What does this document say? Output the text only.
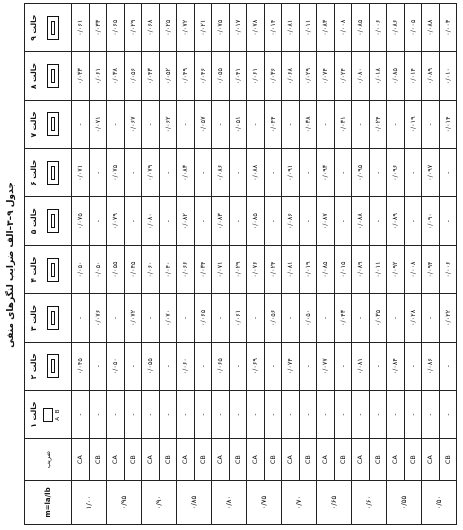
جدول ۹–۳–الف ضرایب لنگرهای منفی
m=la/lb	ضریب	حالت ۱ A B	حالت ۲	حالت ۳	حالت ۴	حالت ۵	حالت ۶	حالت ۷	حالت ۸	حالت ۹

۱/۰۰	CA	-	۰/۰۴۵	-	۰/۰۵۰	۰/۰۷۵	۰/۰۷۱	-	۰/۰۳۳	۰/۰۶۱
	CB	-	-	۰/۰۷۶	۰/۰۵۰	-	-	۰/۰۷۱	۰/۰۶۱	۰/۰۳۳
۰/۹۵	CA	-	۰/۰۵۰	-	۰/۰۵۵	۰/۰۷۹	۰/۰۷۵	-	۰/۰۳۸	۰/۰۶۵
	CB	-	-	۰/۰۷۲	۰/۰۴۵	-	-	۰/۰۶۷	۰/۰۵۶	۰/۰۲۹
۰/۹۰	CA	-	۰/۰۵۵	-	۰/۰۶۰	۰/۰۸۰	۰/۰۷۹	-	۰/۰۴۳	۰/۰۶۸
	CB	-	-	۰/۰۷۰	۰/۰۴۰	-	-	۰/۰۶۲	۰/۰۵۲	۰/۰۲۵
۰/۸۵	CA	-	۰/۰۶۰	-	۰/۰۶۶	۰/۰۸۲	۰/۰۸۳	-	۰/۰۴۹	۰/۰۷۲
	CB	-	-	۰/۰۶۵	۰/۰۳۴	-	-	۰/۰۵۷	۰/۰۴۶	۰/۰۲۱
۰/۸۰	CA	-	۰/۰۶۵	-	۰/۰۷۱	۰/۰۸۳	۰/۰۸۶	-	۰/۰۵۵	۰/۰۷۵
	CB	-	-	۰/۰۶۱	۰/۰۲۹	-	-	۰/۰۵۱	۰/۰۴۱	۰/۰۱۷
۰/۷۵	CA	-	۰/۰۶۹	-	۰/۰۷۶	۰/۰۸۵	۰/۰۸۸	-	۰/۰۶۱	۰/۰۷۸
	CB	-	-	۰/۰۵۶	۰/۰۲۴	-	-	۰/۰۴۴	۰/۰۳۶	۰/۰۱۴
۰/۷۰	CA	-	۰/۰۷۴	-	۰/۰۸۱	۰/۰۸۶	۰/۰۹۱	-	۰/۰۶۸	۰/۰۸۱
	CB	-	-	۰/۰۵۰	۰/۰۱۹	-	-	۰/۰۳۸	۰/۰۲۹	۰/۰۱۱
۰/۶۵	CA	-	۰/۰۷۷	-	۰/۰۸۵	۰/۰۸۷	۰/۰۹۳	-	۰/۰۷۴	۰/۰۸۳
	CB	-	-	۰/۰۴۳	۰/۰۱۵	-	-	۰/۰۳۱	۰/۰۲۴	۰/۰۰۸
۰/۶۰	CA	-	۰/۰۸۱	-	۰/۰۸۹	۰/۰۸۸	۰/۰۹۵	-	۰/۰۸۰	۰/۰۸۵
	CB	-	-	۰/۰۳۵	۰/۰۱۱	-	-	۰/۰۲۴	۰/۰۱۸	۰/۰۰۶
۰/۵۵	CA	-	۰/۰۸۴	-	۰/۰۹۲	۰/۰۸۹	۰/۰۹۶	-	۰/۰۸۵	۰/۰۸۶
	CB	-	-	۰/۰۲۸	۰/۰۰۸	-	-	۰/۰۱۹	۰/۰۱۴	۰/۰۰۵
۰/۵۰	CA	-	۰/۰۸۶	-	۰/۰۹۴	۰/۰۹۰	۰/۰۹۷	-	۰/۰۸۹	۰/۰۸۸
	CB	-	-	۰/۰۲۲	۰/۰۰۶	-	-	۰/۰۱۴	۰/۰۱۰	۰/۰۰۳
